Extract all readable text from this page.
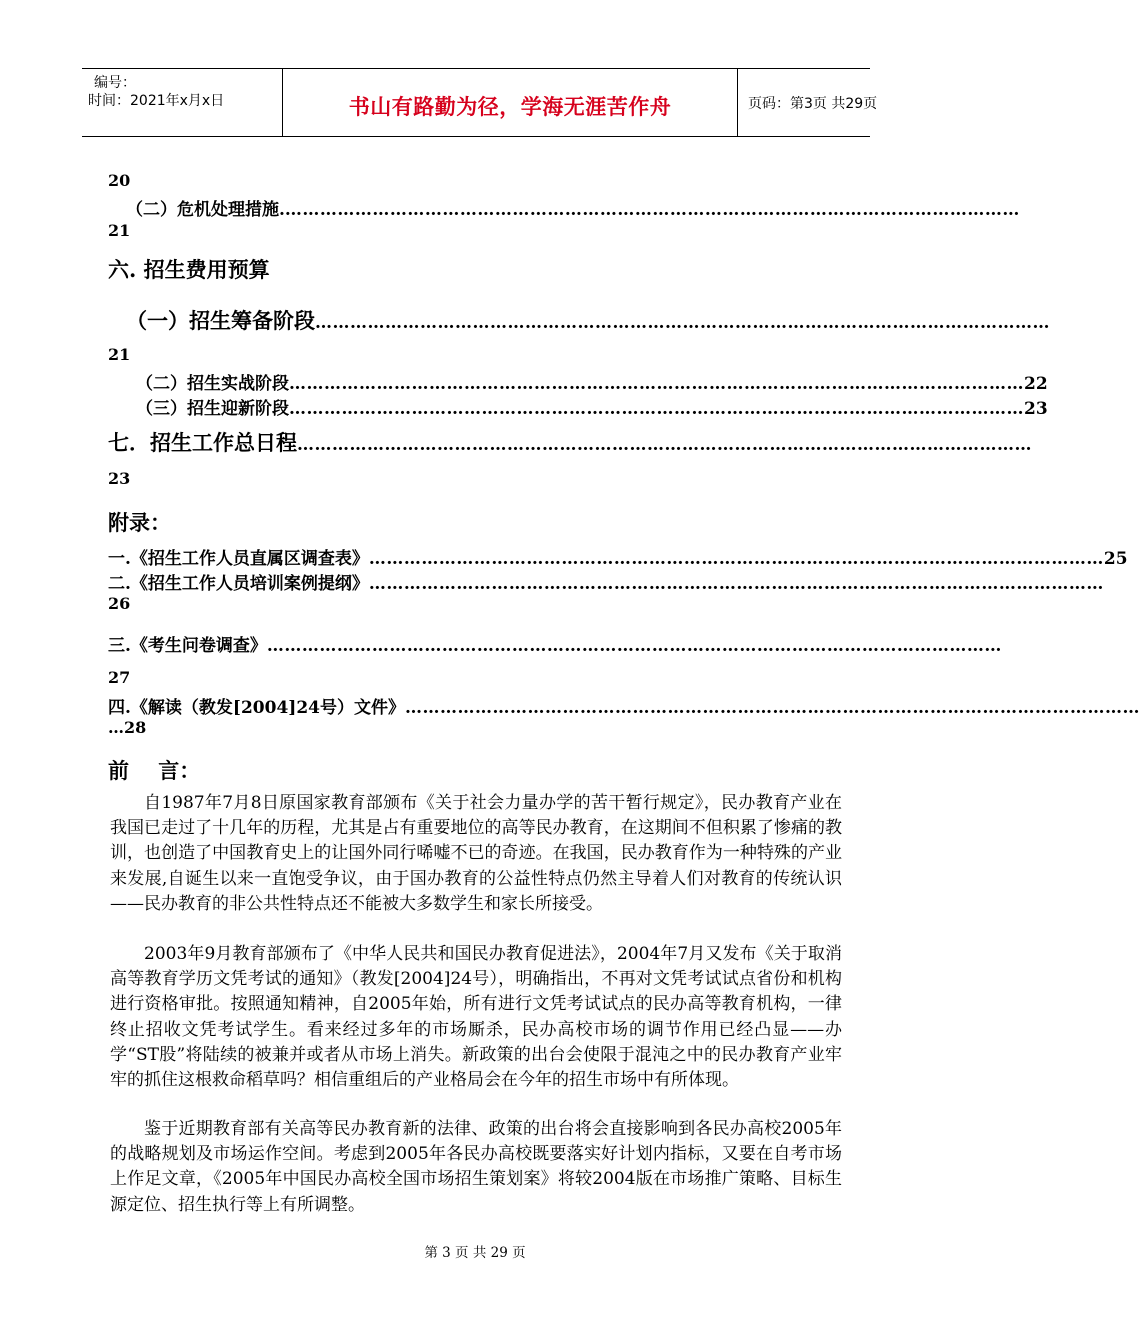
编号：
时间：2021年x月x日	书山有路勤为径，学海无涯苦作舟	页码：第3页 共29页
20
（二）危机处理措施. ………………………………………………………………………………………………………………
21
六. 招生费用预算
（一）招生筹备阶段 ………………………………………………………………………………………………………………
21
（二）招生实战阶段 ……………………………………………………………………………………………………………… 22
（三）招生迎新阶段 ……………………………………………………………………………………………………………… 23
七．招生工作总日程 ………………………………………………………………………………………………………………
23
附录：
一.《招生工作人员直属区调查表》 ……………………………………………………………………………………………………………… 25
二.《招生工作人员培训案例提纲》 ………………………………………………………………………………………………………………
26
三.《考生问卷调查》 ………………………………………………………………………………………………………………
27
四.《解读（教发[2004]24号）文件》 ………………………………………………………………………………………………………………
…28
前    言：
自1987年7月8日原国家教育部颁布《关于社会力量办学的苦干暂行规定》，民办教育产业在我国已走过了十几年的历程，尤其是占有重要地位的高等民办教育，在这期间不但积累了惨痛的教训，也创造了中国教育史上的让国外同行唏嘘不已的奇迹。在我国，民办教育作为一种特殊的产业来发展,自诞生以来一直饱受争议，由于国办教育的公益性特点仍然主导着人们对教育的传统认识——民办教育的非公共性特点还不能被大多数学生和家长所接受。
2003年9月教育部颁布了《中华人民共和国民办教育促进法》，2004年7月又发布《关于取消高等教育学历文凭考试的通知》（教发[2004]24号），明确指出，不再对文凭考试试点省份和机构进行资格审批。按照通知精神，自2005年始，所有进行文凭考试试点的民办高等教育机构，一律终止招收文凭考试学生。看来经过多年的市场厮杀，民办高校市场的调节作用已经凸显——办学“ST股”将陆续的被兼并或者从市场上消失。新政策的出台会使限于混沌之中的民办教育产业牢牢的抓住这根救命稻草吗？相信重组后的产业格局会在今年的招生市场中有所体现。
鉴于近期教育部有关高等民办教育新的法律、政策的出台将会直接影响到各民办高校2005年的战略规划及市场运作空间。考虑到2005年各民办高校既要落实好计划内指标，又要在自考市场上作足文章，《2005年中国民办高校全国市场招生策划案》将较2004版在市场推广策略、目标生源定位、招生执行等上有所调整。
第 3 页 共 29 页
